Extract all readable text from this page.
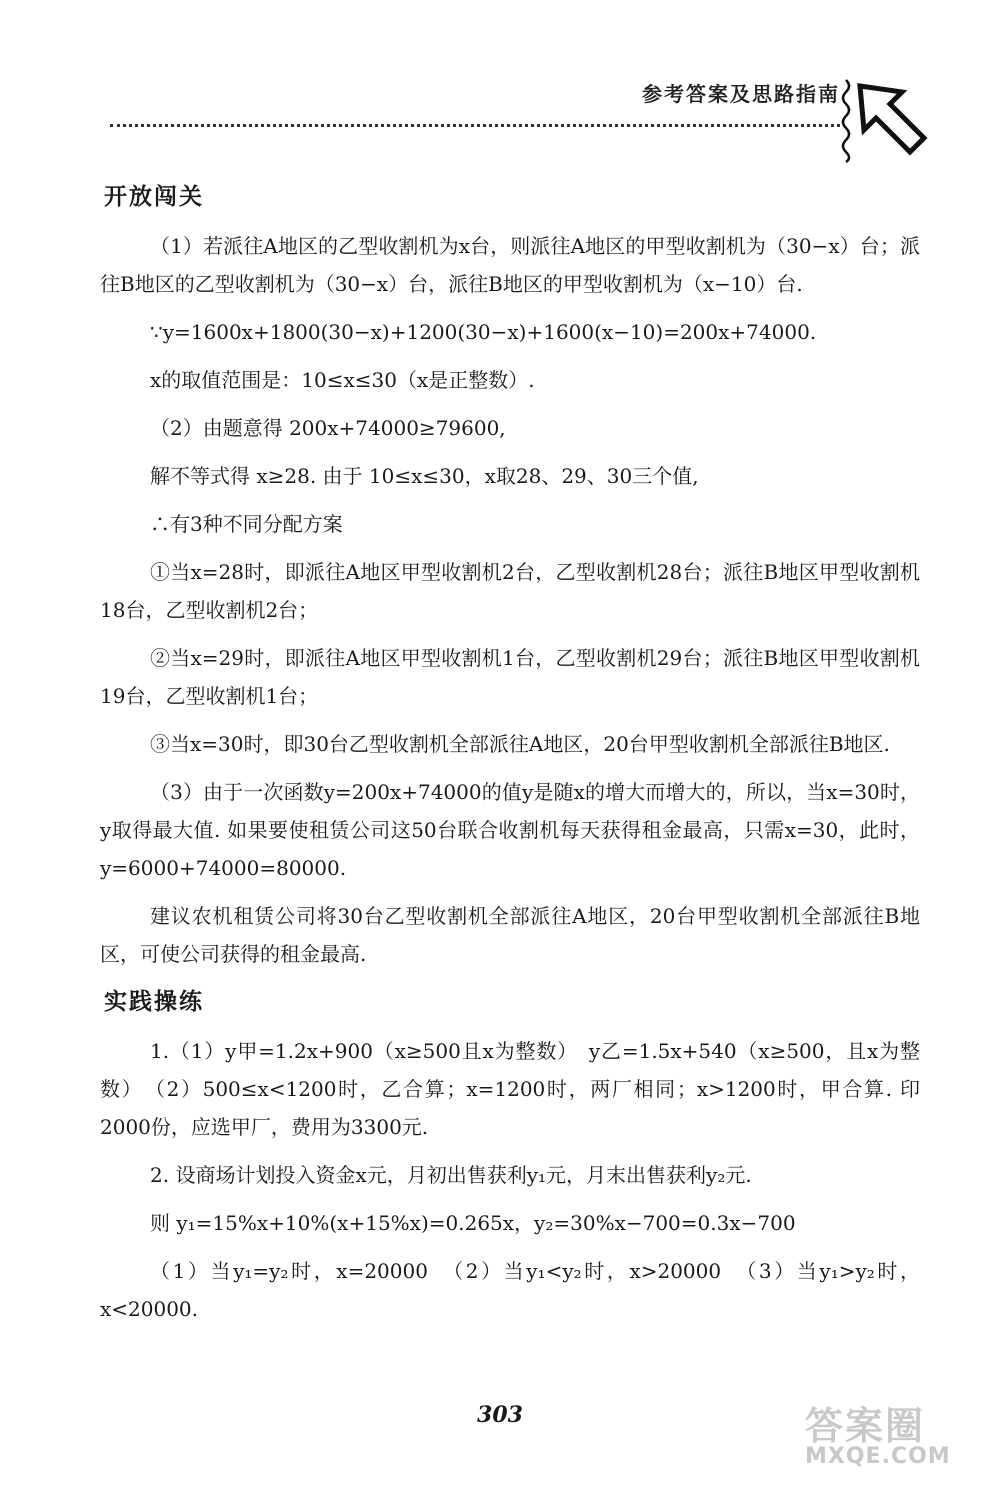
参考答案及思路指南
开放闯关

（1）若派往A地区的乙型收割机为x台，则派往A地区的甲型收割机为（30−x）台；派往B地区的乙型收割机为（30−x）台，派往B地区的甲型收割机为（x−10）台.

∵y=1600x+1800(30−x)+1200(30−x)+1600(x−10)=200x+74000.

x的取值范围是：10≤x≤30（x是正整数）.

（2）由题意得 200x+74000≥79600,

解不等式得 x≥28. 由于 10≤x≤30，x取28、29、30三个值,

∴有3种不同分配方案

①当x=28时，即派往A地区甲型收割机2台，乙型收割机28台；派往B地区甲型收割机18台，乙型收割机2台；

②当x=29时，即派往A地区甲型收割机1台，乙型收割机29台；派往B地区甲型收割机19台，乙型收割机1台；

③当x=30时，即30台乙型收割机全部派往A地区，20台甲型收割机全部派往B地区.

（3）由于一次函数y=200x+74000的值y是随x的增大而增大的，所以，当x=30时，y取得最大值. 如果要使租赁公司这50台联合收割机每天获得租金最高，只需x=30，此时，y=6000+74000=80000.

建议农机租赁公司将30台乙型收割机全部派往A地区，20台甲型收割机全部派往B地区，可使公司获得的租金最高.

实践操练

1.（1）y甲=1.2x+900（x≥500且x为整数）　y乙=1.5x+540（x≥500，且x为整数）　（2）500≤x<1200时，乙合算；x=1200时，两厂相同；x>1200时，甲合算. 印2000份，应选甲厂，费用为3300元.

2. 设商场计划投入资金x元，月初出售获利y₁元，月末出售获利y₂元.

则 y₁=15%x+10%(x+15%x)=0.265x，y₂=30%x−700=0.3x−700

（1）当y₁=y₂时，x=20000　（2）当y₁<y₂时，x>20000　（3）当y₁>y₂时，x<20000.

303	答案圈
MXQE.COM
